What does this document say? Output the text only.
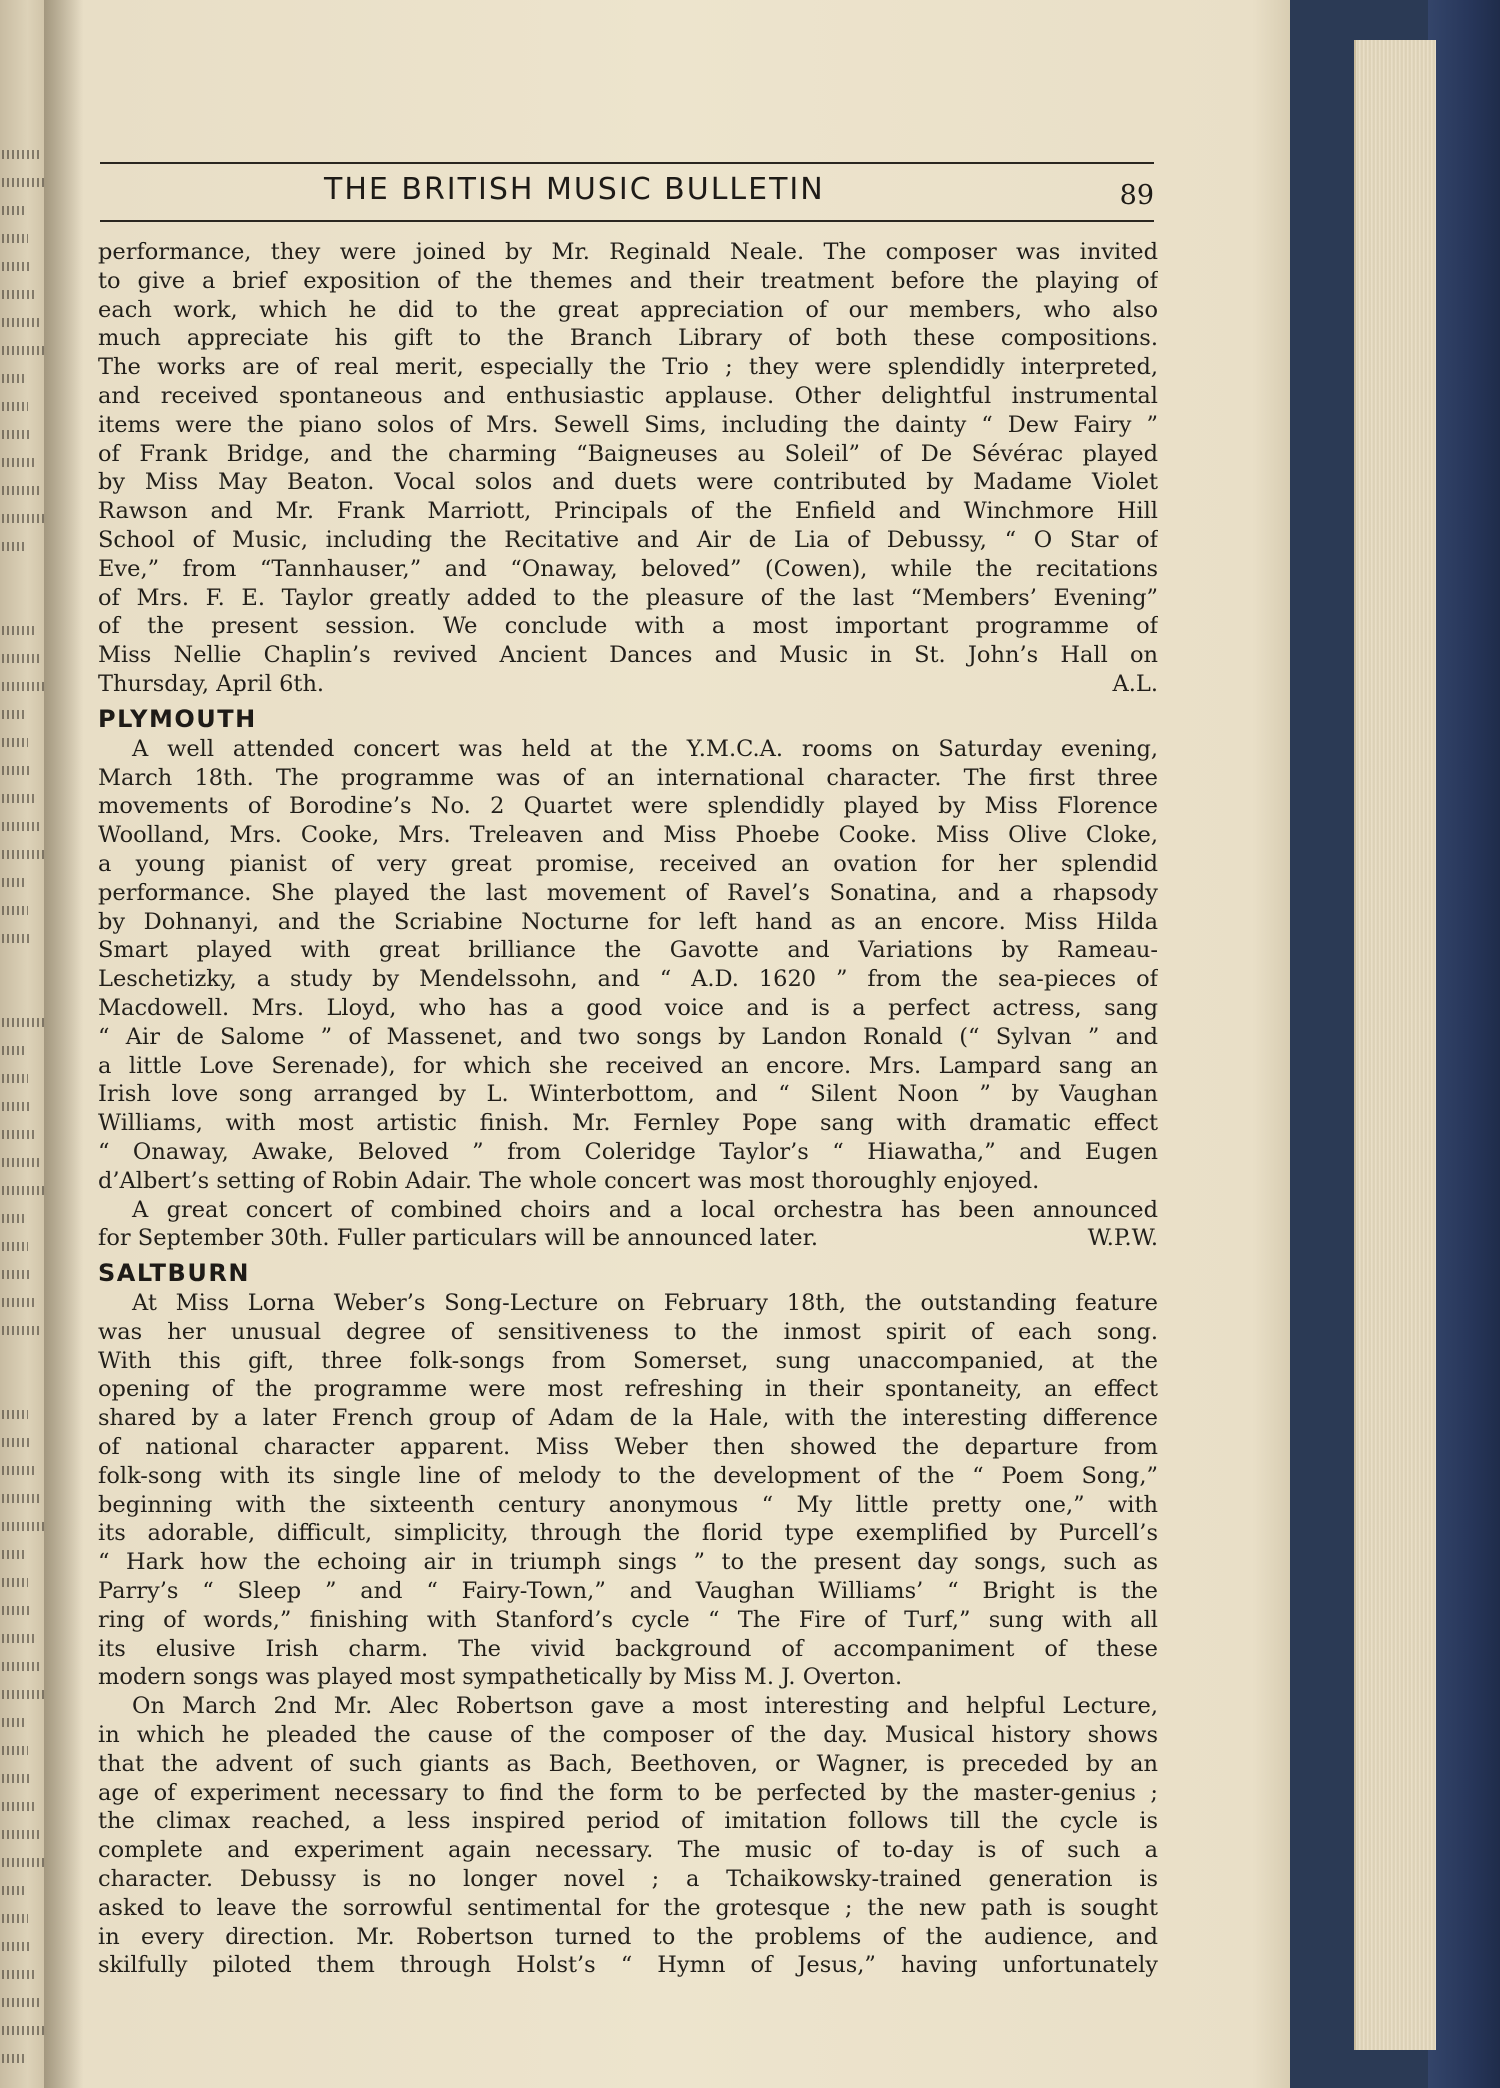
THE BRITISH MUSIC BULLETIN	89
performance, they were joined by Mr. Reginald Neale. The composer was invited
to give a brief exposition of the themes and their treatment before the playing of
each work, which he did to the great appreciation of our members, who also
much appreciate his gift to the Branch Library of both these compositions.
The works are of real merit, especially the Trio ; they were splendidly interpreted,
and received spontaneous and enthusiastic applause. Other delightful instrumental
items were the piano solos of Mrs. Sewell Sims, including the dainty “ Dew Fairy ”
of Frank Bridge, and the charming “Baigneuses au Soleil” of De Sévérac played
by Miss May Beaton. Vocal solos and duets were contributed by Madame Violet
Rawson and Mr. Frank Marriott, Principals of the Enfield and Winchmore Hill
School of Music, including the Recitative and Air de Lia of Debussy, “ O Star of
Eve,” from “Tannhauser,” and “Onaway, beloved” (Cowen), while the recitations
of Mrs. F. E. Taylor greatly added to the pleasure of the last “Members’ Evening”
of the present session. We conclude with a most important programme of
Miss Nellie Chaplin’s revived Ancient Dances and Music in St. John’s Hall on
Thursday, April 6th.	A.L.
PLYMOUTH
A well attended concert was held at the Y.M.C.A. rooms on Saturday evening,
March 18th. The programme was of an international character. The first three
movements of Borodine’s No. 2 Quartet were splendidly played by Miss Florence
Woolland, Mrs. Cooke, Mrs. Treleaven and Miss Phoebe Cooke. Miss Olive Cloke,
a young pianist of very great promise, received an ovation for her splendid
performance. She played the last movement of Ravel’s Sonatina, and a rhapsody
by Dohnanyi, and the Scriabine Nocturne for left hand as an encore. Miss Hilda
Smart played with great brilliance the Gavotte and Variations by Rameau-
Leschetizky, a study by Mendelssohn, and “ A.D. 1620 ” from the sea-pieces of
Macdowell. Mrs. Lloyd, who has a good voice and is a perfect actress, sang
“ Air de Salome ” of Massenet, and two songs by Landon Ronald (“ Sylvan ” and
a little Love Serenade), for which she received an encore. Mrs. Lampard sang an
Irish love song arranged by L. Winterbottom, and “ Silent Noon ” by Vaughan
Williams, with most artistic finish. Mr. Fernley Pope sang with dramatic effect
“ Onaway, Awake, Beloved ” from Coleridge Taylor’s “ Hiawatha,” and Eugen
d’Albert’s setting of Robin Adair. The whole concert was most thoroughly enjoyed.
A great concert of combined choirs and a local orchestra has been announced
for September 30th. Fuller particulars will be announced later.	W.P.W.
SALTBURN
At Miss Lorna Weber’s Song-Lecture on February 18th, the outstanding feature
was her unusual degree of sensitiveness to the inmost spirit of each song.
With this gift, three folk-songs from Somerset, sung unaccompanied, at the
opening of the programme were most refreshing in their spontaneity, an effect
shared by a later French group of Adam de la Hale, with the interesting difference
of national character apparent. Miss Weber then showed the departure from
folk-song with its single line of melody to the development of the “ Poem Song,”
beginning with the sixteenth century anonymous “ My little pretty one,” with
its adorable, difficult, simplicity, through the florid type exemplified by Purcell’s
“ Hark how the echoing air in triumph sings ” to the present day songs, such as
Parry’s “ Sleep ” and “ Fairy-Town,” and Vaughan Williams’ “ Bright is the
ring of words,” finishing with Stanford’s cycle “ The Fire of Turf,” sung with all
its elusive Irish charm. The vivid background of accompaniment of these
modern songs was played most sympathetically by Miss M. J. Overton.
On March 2nd Mr. Alec Robertson gave a most interesting and helpful Lecture,
in which he pleaded the cause of the composer of the day. Musical history shows
that the advent of such giants as Bach, Beethoven, or Wagner, is preceded by an
age of experiment necessary to find the form to be perfected by the master-genius ;
the climax reached, a less inspired period of imitation follows till the cycle is
complete and experiment again necessary. The music of to-day is of such a
character. Debussy is no longer novel ; a Tchaikowsky-trained generation is
asked to leave the sorrowful sentimental for the grotesque ; the new path is sought
in every direction. Mr. Robertson turned to the problems of the audience, and
skilfully piloted them through Holst’s “ Hymn of Jesus,” having unfortunately
